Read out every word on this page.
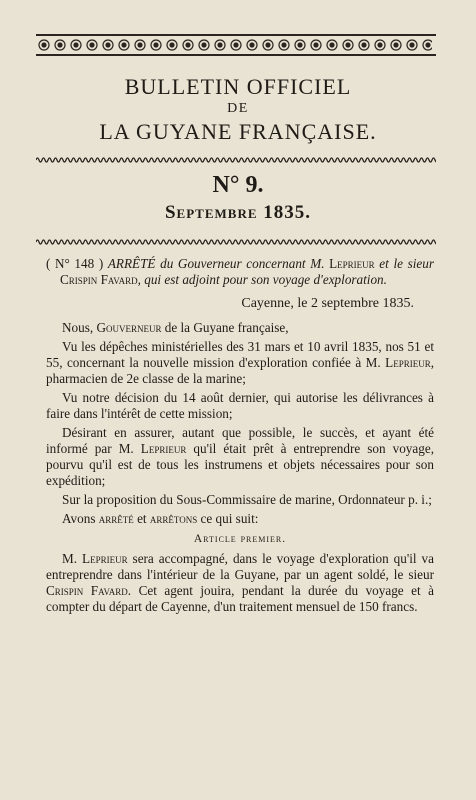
BULLETIN OFFICIEL
DE
LA GUYANE FRANÇAISE.
N° 9.
Septembre 1835.

( N° 148 ) ARRÊTÉ du Gouverneur concernant M. Leprieur et le sieur Crispin Favard, qui est adjoint pour son voyage d'exploration.

Cayenne, le 2 septembre 1835.

Nous, Gouverneur de la Guyane française,

Vu les dépêches ministérielles des 31 mars et 10 avril 1835, nos 51 et 55, concernant la nouvelle mission d'exploration confiée à M. Leprieur, pharmacien de 2e classe de la marine;

Vu notre décision du 14 août dernier, qui autorise les délivrances à faire dans l'intérêt de cette mission;

Désirant en assurer, autant que possible, le succès, et ayant été informé par M. Leprieur qu'il était prêt à entreprendre son voyage, pourvu qu'il est de tous les instrumens et objets nécessaires pour son expédition;

Sur la proposition du Sous-Commissaire de marine, Ordonnateur p. i.;

Avons arrêté et arrêtons ce qui suit:

Article premier.

M. Leprieur sera accompagné, dans le voyage d'exploration qu'il va entreprendre dans l'intérieur de la Guyane, par un agent soldé, le sieur Crispin Favard. Cet agent jouira, pendant la durée du voyage et à compter du départ de Cayenne, d'un traitement mensuel de 150 francs.
